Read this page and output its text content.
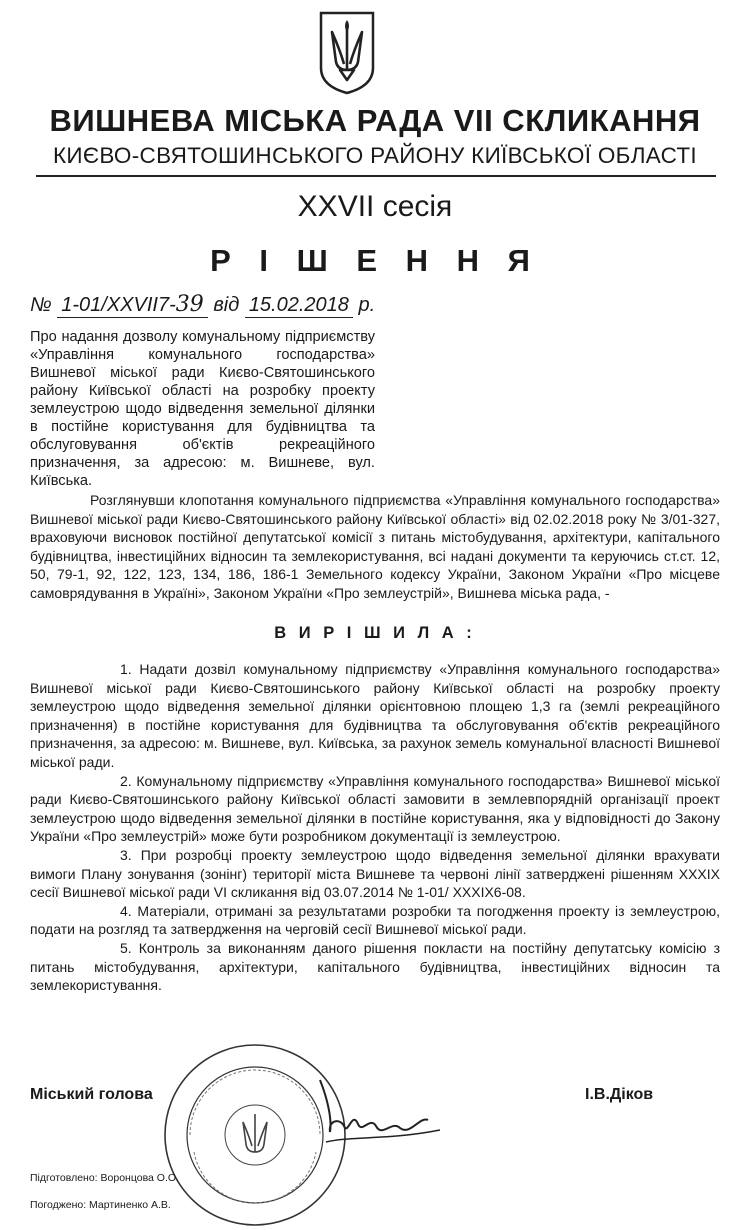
ВИШНЕВА МІСЬКА РАДА VII СКЛИКАННЯ
КИЄВО-СВЯТОШИНСЬКОГО РАЙОНУ КИЇВСЬКОЇ ОБЛАСТІ
XXVII сесія
Р І Ш Е Н Н Я
№ 1-01/XXVII7-39 від 15.02.2018 р.

Про надання дозволу комунальному підприємству «Управління комунального господарства» Вишневої міської ради Києво-Святошинського району Київської області на розробку проекту землеустрою щодо відведення земельної ділянки в постійне користування для будівництва та обслуговування об'єктів рекреаційного призначення, за адресою: м. Вишневе, вул. Київська.

Розглянувши клопотання комунального підприємства «Управління комунального господарства» Вишневої міської ради Києво-Святошинського району Київської області» від 02.02.2018 року № 3/01-327, враховуючи висновок постійної депутатської комісії з питань містобудування, архітектури, капітального будівництва, інвестиційних відносин та землекористування, всі надані документи та керуючись ст.ст. 12, 50, 79-1, 92, 122, 123, 134, 186, 186-1 Земельного кодексу України, Законом України «Про місцеве самоврядування в Україні», Законом України «Про землеустрій», Вишнева міська рада, -

В И Р І Ш И Л А :

1. Надати дозвіл комунальному підприємству «Управління комунального господарства» Вишневої міської ради Києво-Святошинського району Київської області на розробку проекту землеустрою щодо відведення земельної ділянки орієнтовною площею 1,3 га (землі рекреаційного призначення) в постійне користування для будівництва та обслуговування об'єктів рекреаційного призначення, за адресою: м. Вишневе, вул. Київська, за рахунок земель комунальної власності Вишневої міської ради.

2. Комунальному підприємству «Управління комунального господарства» Вишневої міської ради Києво-Святошинського району Київської області замовити в землевпорядній організації проект землеустрою щодо відведення земельної ділянки в постійне користування, яка у відповідності до Закону України «Про землеустрій» може бути розробником документації із землеустрою.

3. При розробці проекту землеустрою щодо відведення земельної ділянки врахувати вимоги Плану зонування (зонінг) території міста Вишневе та червоні лінії затверджені рішенням XXXIX сесії Вишневої міської ради VI скликання від 03.07.2014 № 1-01/ XXXIX6-08.

4. Матеріали, отримані за результатами розробки та погодження проекту із землеустрою, подати на розгляд та затвердження на черговій сесії Вишневої міської ради.

5. Контроль за виконанням даного рішення покласти на постійну депутатську комісію з питань містобудування, архітектури, капітального будівництва, інвестиційних відносин та землекористування.

Міський голова	І.В.Діков
Підготовлено: Воронцова О.О.
Погоджено: Мартиненко А.В.
